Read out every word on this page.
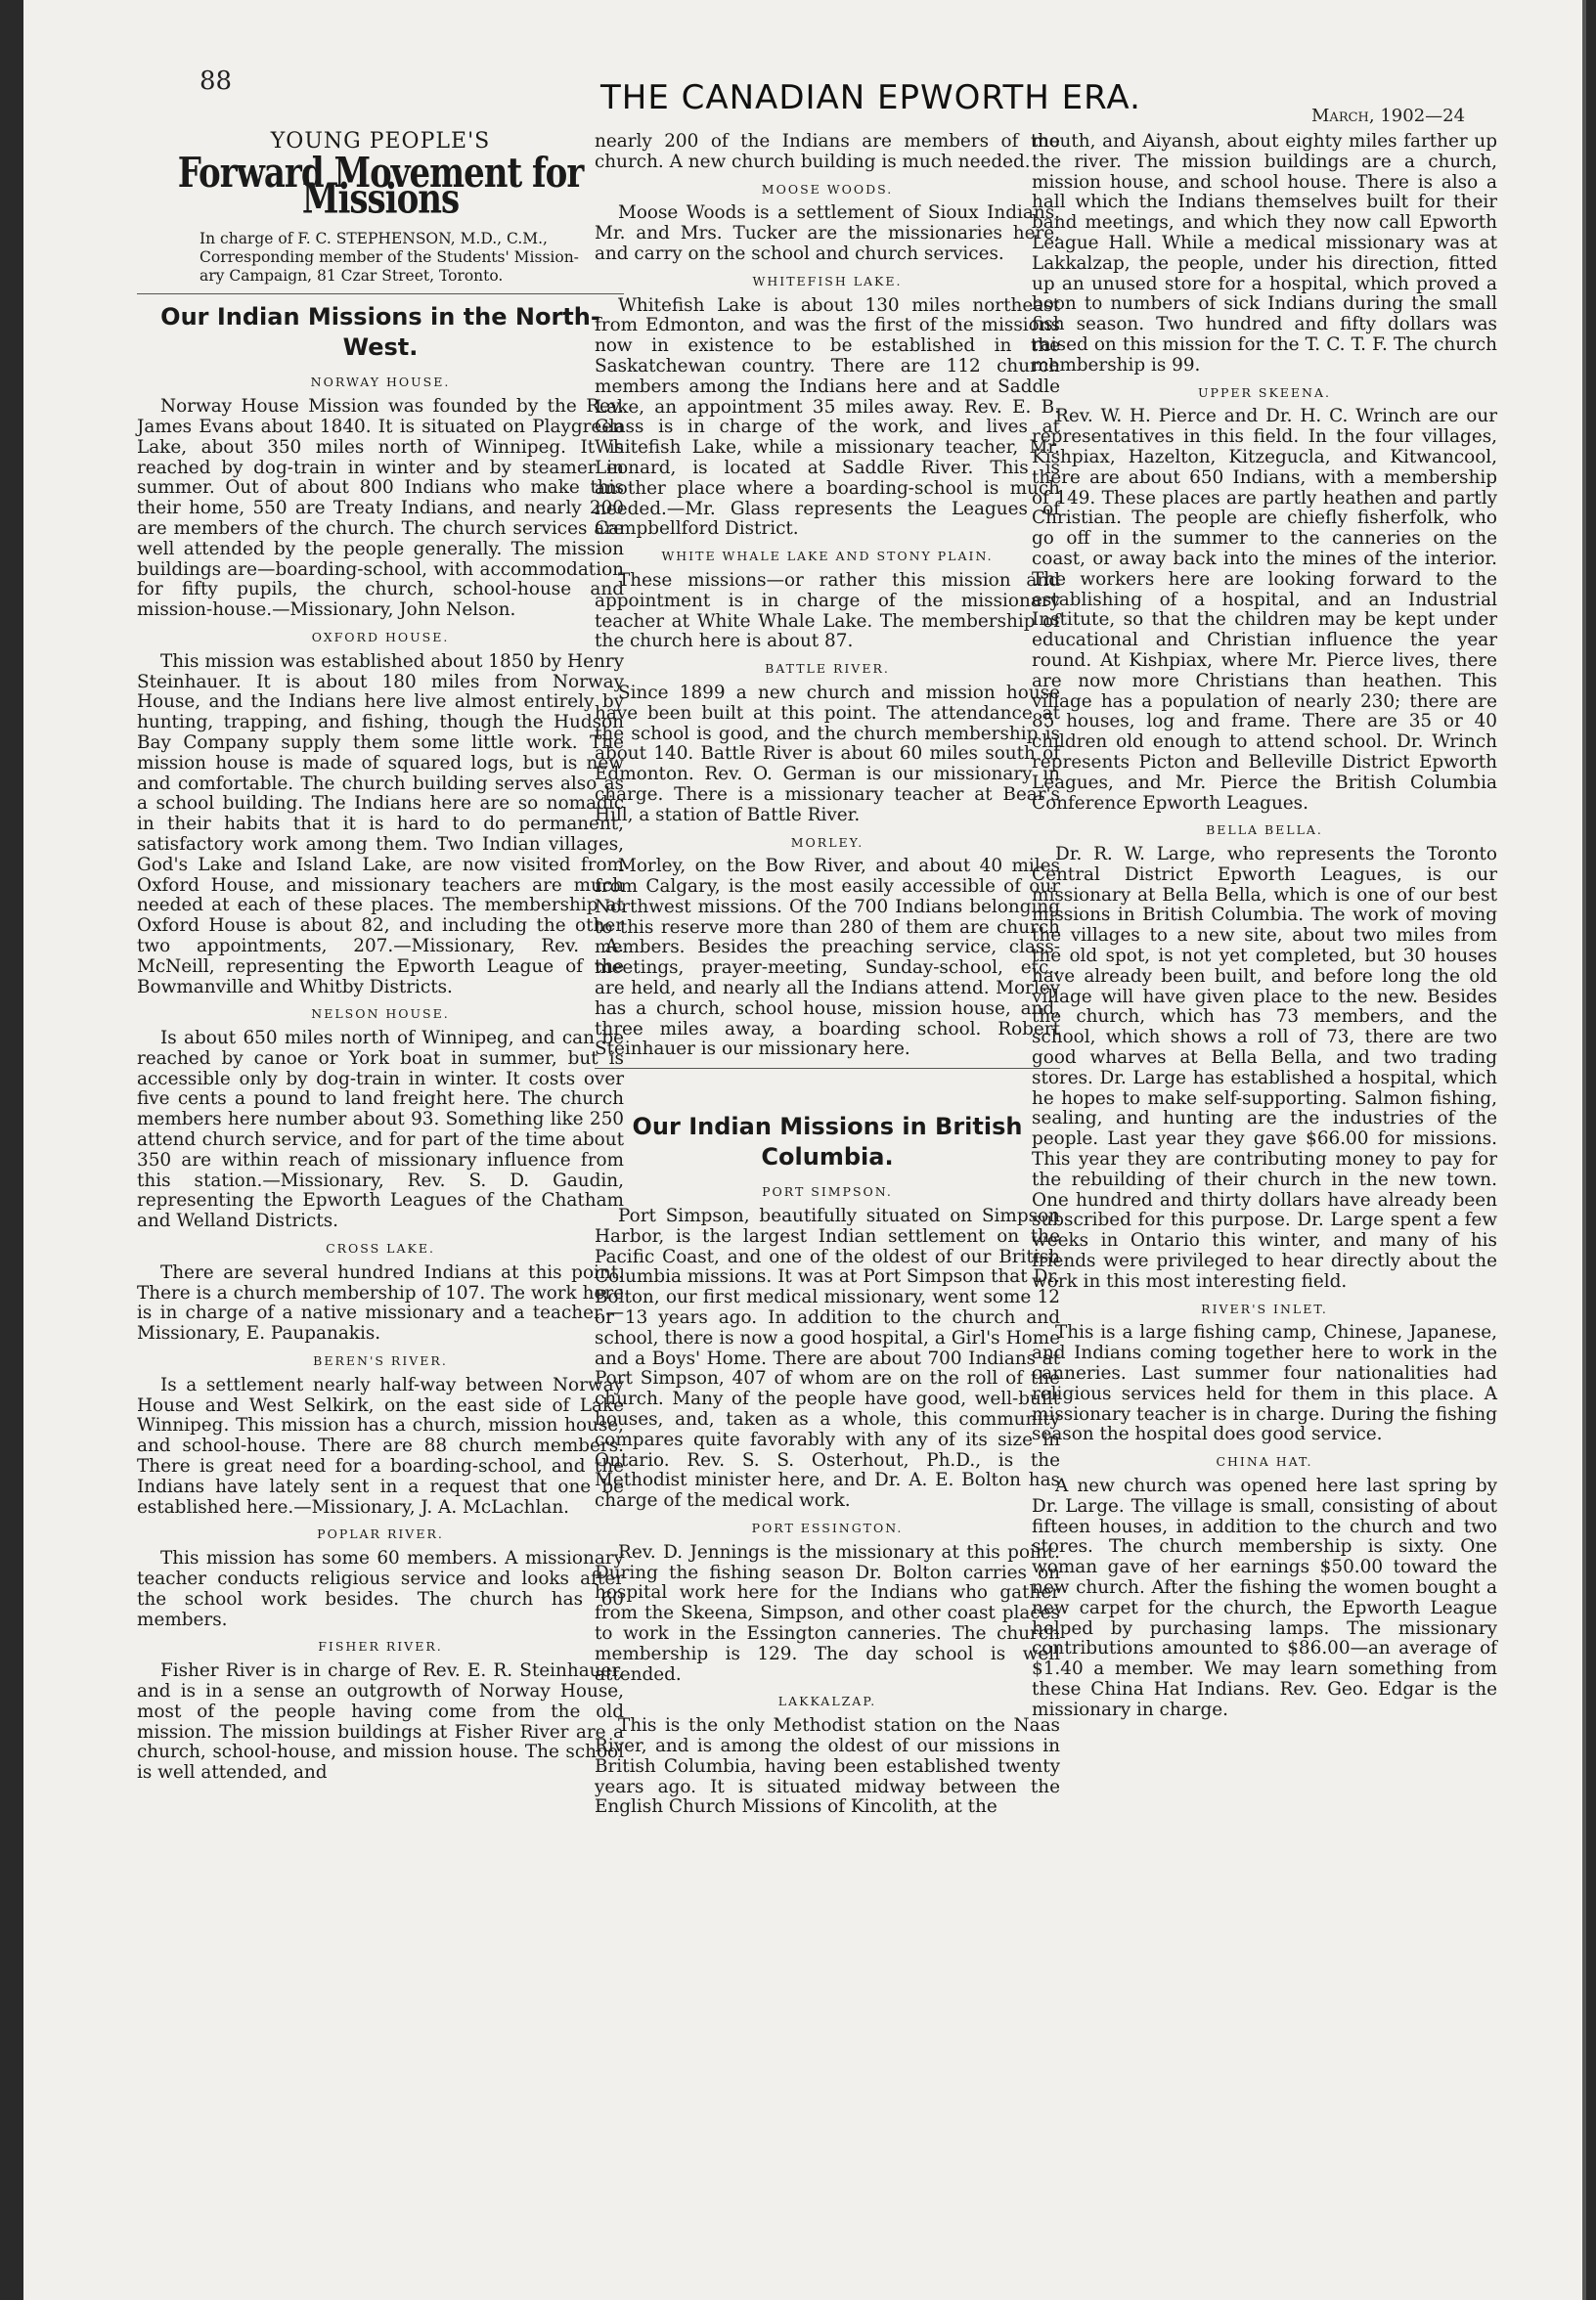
88	THE CANADIAN EPWORTH ERA.	March, 1902—24
YOUNG PEOPLE'S
Forward Movement for Missions
In charge of F. C. STEPHENSON, M.D., C.M.,
Corresponding member of the Students' Mission-
ary Campaign, 81 Czar Street, Toronto.
Our Indian Missions in the North-West.
NORWAY HOUSE.

Norway House Mission was founded by the Rev. James Evans about 1840. It is situated on Playgreen Lake, about 350 miles north of Winnipeg. It is reached by dog-train in winter and by steamer in summer. Out of about 800 Indians who make this their home, 550 are Treaty Indians, and nearly 200 are members of the church. The church services are well attended by the people generally. The mission buildings are—boarding-school, with accommodation for fifty pupils, the church, school-house and mission-house.—Missionary, John Nelson.

OXFORD HOUSE.

This mission was established about 1850 by Henry Steinhauer. It is about 180 miles from Norway House, and the Indians here live almost entirely by hunting, trapping, and fishing, though the Hudson Bay Company supply them some little work. The mission house is made of squared logs, but is new and comfortable. The church building serves also as a school building. The Indians here are so nomadic in their habits that it is hard to do permanent, satisfactory work among them. Two Indian villages, God's Lake and Island Lake, are now visited from Oxford House, and missionary teachers are much needed at each of these places. The membership at Oxford House is about 82, and including the other two appointments, 207.—Missionary, Rev. A. McNeill, representing the Epworth League of the Bowmanville and Whitby Districts.

NELSON HOUSE.

Is about 650 miles north of Winnipeg, and can be reached by canoe or York boat in summer, but is accessible only by dog-train in winter. It costs over five cents a pound to land freight here. The church members here number about 93. Something like 250 attend church service, and for part of the time about 350 are within reach of missionary influence from this station.—Missionary, Rev. S. D. Gaudin, representing the Epworth Leagues of the Chatham and Welland Districts.

CROSS LAKE.

There are several hundred Indians at this point. There is a church membership of 107. The work here is in charge of a native missionary and a teacher.—Missionary, E. Paupanakis.

BEREN'S RIVER.

Is a settlement nearly half-way between Norway House and West Selkirk, on the east side of Lake Winnipeg. This mission has a church, mission house, and school-house. There are 88 church members. There is great need for a boarding-school, and the Indians have lately sent in a request that one be established here.—Missionary, J. A. McLachlan.

POPLAR RIVER.

This mission has some 60 members. A missionary teacher conducts religious service and looks after the school work besides. The church has 60 members.

FISHER RIVER.

Fisher River is in charge of Rev. E. R. Steinhauer, and is in a sense an outgrowth of Norway House, most of the people having come from the old mission. The mission buildings at Fisher River are a church, school-house, and mission house. The school is well attended, and

nearly 200 of the Indians are members of the church. A new church building is much needed.

MOOSE WOODS.

Moose Woods is a settlement of Sioux Indians. Mr. and Mrs. Tucker are the missionaries here, and carry on the school and church services.

WHITEFISH LAKE.

Whitefish Lake is about 130 miles northeast from Edmonton, and was the first of the missions now in existence to be established in the Saskatchewan country. There are 112 church members among the Indians here and at Saddle Lake, an appointment 35 miles away. Rev. E. B. Glass is in charge of the work, and lives at Whitefish Lake, while a missionary teacher, Mr. Leonard, is located at Saddle River. This is another place where a boarding-school is much needed.—Mr. Glass represents the Leagues of Campbellford District.

WHITE WHALE LAKE AND STONY PLAIN.

These missions—or rather this mission and appointment is in charge of the missionary teacher at White Whale Lake. The membership of the church here is about 87.

BATTLE RIVER.

Since 1899 a new church and mission house have been built at this point. The attendance at the school is good, and the church membership is about 140. Battle River is about 60 miles south of Edmonton. Rev. O. German is our missionary in charge. There is a missionary teacher at Bear's Hill, a station of Battle River.

MORLEY.

Morley, on the Bow River, and about 40 miles from Calgary, is the most easily accessible of our Northwest missions. Of the 700 Indians belonging to this reserve more than 280 of them are church members. Besides the preaching service, class-meetings, prayer-meeting, Sunday-school, etc., are held, and nearly all the Indians attend. Morley has a church, school house, mission house, and, three miles away, a boarding school. Robert Steinhauer is our missionary here.

Our Indian Missions in British Columbia.
PORT SIMPSON.

Port Simpson, beautifully situated on Simpson Harbor, is the largest Indian settlement on the Pacific Coast, and one of the oldest of our British Columbia missions. It was at Port Simpson that Dr. Bolton, our first medical missionary, went some 12 or 13 years ago. In addition to the church and school, there is now a good hospital, a Girl's Home and a Boys' Home. There are about 700 Indians at Port Simpson, 407 of whom are on the roll of the church. Many of the people have good, well-built houses, and, taken as a whole, this community compares quite favorably with any of its size in Ontario. Rev. S. S. Osterhout, Ph.D., is the Methodist minister here, and Dr. A. E. Bolton has charge of the medical work.

PORT ESSINGTON.

Rev. D. Jennings is the missionary at this point. During the fishing season Dr. Bolton carries on hospital work here for the Indians who gather from the Skeena, Simpson, and other coast places to work in the Essington canneries. The church membership is 129. The day school is well attended.

LAKKALZAP.

This is the only Methodist station on the Naas River, and is among the oldest of our missions in British Columbia, having been established twenty years ago. It is situated midway between the English Church Missions of Kincolith, at the

mouth, and Aiyansh, about eighty miles farther up the river. The mission buildings are a church, mission house, and school house. There is also a hall which the Indians themselves built for their band meetings, and which they now call Epworth League Hall. While a medical missionary was at Lakkalzap, the people, under his direction, fitted up an unused store for a hospital, which proved a boon to numbers of sick Indians during the small fish season. Two hundred and fifty dollars was raised on this mission for the T. C. T. F. The church membership is 99.

UPPER SKEENA.

Rev. W. H. Pierce and Dr. H. C. Wrinch are our representatives in this field. In the four villages, Kishpiax, Hazelton, Kitzegucla, and Kitwancool, there are about 650 Indians, with a membership of 149. These places are partly heathen and partly Christian. The people are chiefly fisherfolk, who go off in the summer to the canneries on the coast, or away back into the mines of the interior. The workers here are looking forward to the establishing of a hospital, and an Industrial Institute, so that the children may be kept under educational and Christian influence the year round. At Kishpiax, where Mr. Pierce lives, there are now more Christians than heathen. This village has a population of nearly 230; there are 85 houses, log and frame. There are 35 or 40 children old enough to attend school. Dr. Wrinch represents Picton and Belleville District Epworth Leagues, and Mr. Pierce the British Columbia Conference Epworth Leagues.

BELLA BELLA.

Dr. R. W. Large, who represents the Toronto Central District Epworth Leagues, is our missionary at Bella Bella, which is one of our best missions in British Columbia. The work of moving the villages to a new site, about two miles from the old spot, is not yet completed, but 30 houses have already been built, and before long the old village will have given place to the new. Besides the church, which has 73 members, and the school, which shows a roll of 73, there are two good wharves at Bella Bella, and two trading stores. Dr. Large has established a hospital, which he hopes to make self-supporting. Salmon fishing, sealing, and hunting are the industries of the people. Last year they gave $66.00 for missions. This year they are contributing money to pay for the rebuilding of their church in the new town. One hundred and thirty dollars have already been subscribed for this purpose. Dr. Large spent a few weeks in Ontario this winter, and many of his friends were privileged to hear directly about the work in this most interesting field.

RIVER'S INLET.

This is a large fishing camp, Chinese, Japanese, and Indians coming together here to work in the canneries. Last summer four nationalities had religious services held for them in this place. A missionary teacher is in charge. During the fishing season the hospital does good service.

CHINA HAT.

A new church was opened here last spring by Dr. Large. The village is small, consisting of about fifteen houses, in addition to the church and two stores. The church membership is sixty. One woman gave of her earnings $50.00 toward the new church. After the fishing the women bought a new carpet for the church, the Epworth League helped by purchasing lamps. The missionary contributions amounted to $86.00—an average of $1.40 a member. We may learn something from these China Hat Indians. Rev. Geo. Edgar is the missionary in charge.
